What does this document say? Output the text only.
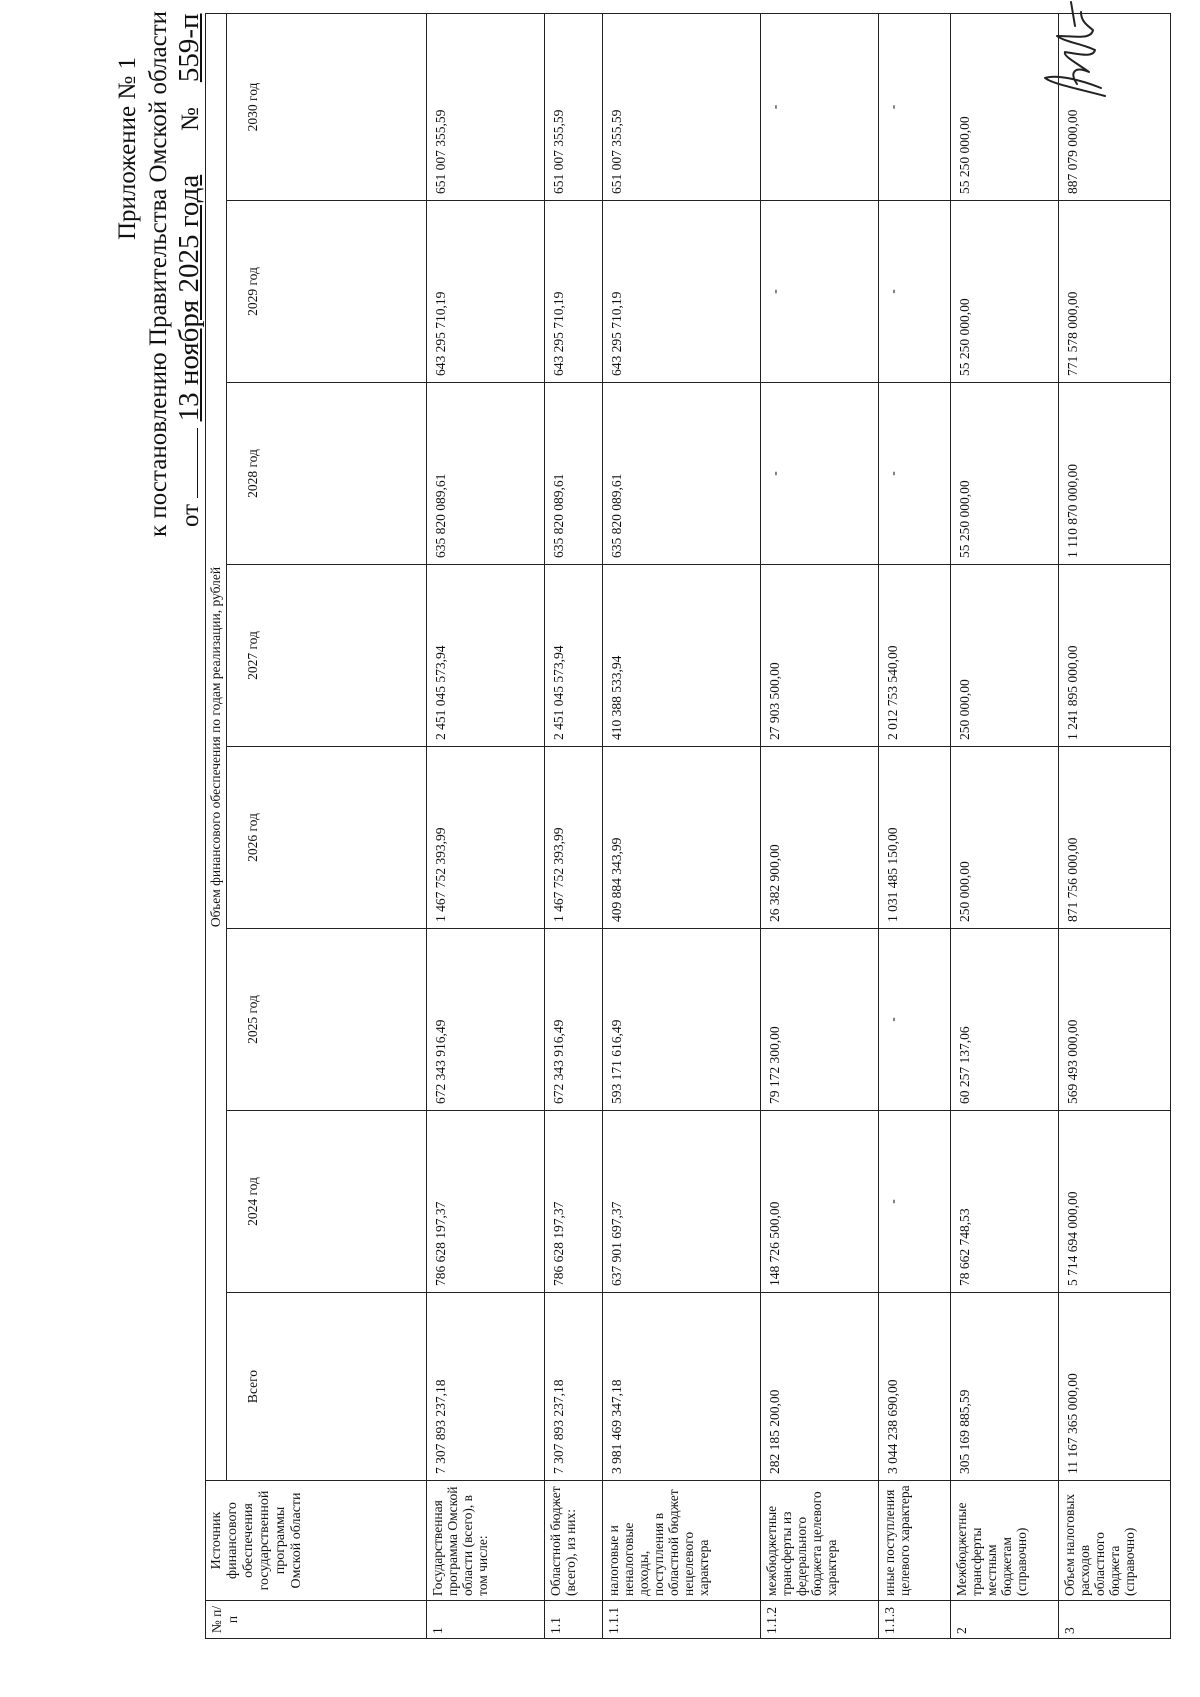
Приложение № 1 к постановлению Правительства Омской области от  13 ноября 2025 года       №    559-п
№ п/п	Источник финансового обеспечения государственной программы Омской области	Объем финансового обеспечения по годам реализации, рублей							
		Всего	2024 год	2025 год	2026 год	2027 год	2028 год	2029 год	2030 год
1	Государственная программа Омской области (всего), в том числе:	7 307 893 237,18	786 628 197,37	672 343 916,49	1 467 752 393,99	2 451 045 573,94	635 820 089,61	643 295 710,19	651 007 355,59
1.1	Областной бюджет (всего), из них:	7 307 893 237,18	786 628 197,37	672 343 916,49	1 467 752 393,99	2 451 045 573,94	635 820 089,61	643 295 710,19	651 007 355,59
1.1.1	налоговые и неналоговые доходы, поступления в областной бюджет нецелевого характера	3 981 469 347,18	637 901 697,37	593 171 616,49	409 884 343,99	410 388 533,94	635 820 089,61	643 295 710,19	651 007 355,59
1.1.2	межбюджетные трансферты из федерального бюджета целевого характера	282 185 200,00	148 726 500,00	79 172 300,00	26 382 900,00	27 903 500,00	-	-	-
1.1.3	иные поступления целевого характера	3 044 238 690,00	-	-	1 031 485 150,00	2 012 753 540,00	-	-	-
2	Межбюджетные трансферты местным бюджетам (справочно)	305 169 885,59	78 662 748,53	60 257 137,06	250 000,00	250 000,00	55 250 000,00	55 250 000,00	55 250 000,00
3	Объем налоговых расходов областного бюджета (справочно)	11 167 365 000,00	5 714 694 000,00	569 493 000,00	871 756 000,00	1 241 895 000,00	1 110 870 000,00	771 578 000,00	887 079 000,00
